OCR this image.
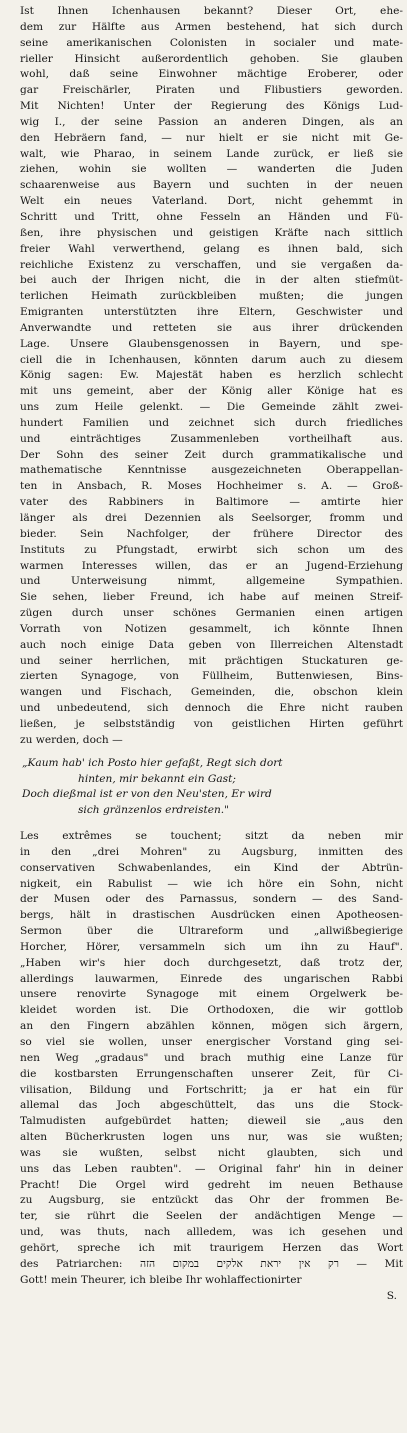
Ist Ihnen Ichenhausen bekannt? Dieser Ort, ehe-
dem zur Hälfte aus Armen bestehend, hat sich durch
seine amerikanischen Colonisten in socialer und mate-
rieller Hinsicht außerordentlich gehoben. Sie glauben
wohl, daß seine Einwohner mächtige Eroberer, oder
gar Freischärler, Piraten und Flibustiers geworden.
Mit Nichten! Unter der Regierung des Königs Lud-
wig I., der seine Passion an anderen Dingen, als an
den Hebräern fand, — nur hielt er sie nicht mit Ge-
walt, wie Pharao, in seinem Lande zurück, er ließ sie
ziehen, wohin sie wollten — wanderten die Juden
schaarenweise aus Bayern und suchten in der neuen
Welt ein neues Vaterland. Dort, nicht gehemmt in
Schritt und Tritt, ohne Fesseln an Händen und Fü-
ßen, ihre physischen und geistigen Kräfte nach sittlich
freier Wahl verwerthend, gelang es ihnen bald, sich
reichliche Existenz zu verschaffen, und sie vergaßen da-
bei auch der Ihrigen nicht, die in der alten stiefmüt-
terlichen Heimath zurückbleiben mußten; die jungen
Emigranten unterstützten ihre Eltern, Geschwister und
Anverwandte und retteten sie aus ihrer drückenden
Lage. Unsere Glaubensgenossen in Bayern, und spe-
ciell die in Ichenhausen, könnten darum auch zu diesem
König sagen: Ew. Majestät haben es herzlich schlecht
mit uns gemeint, aber der König aller Könige hat es
uns zum Heile gelenkt. — Die Gemeinde zählt zwei-
hundert Familien und zeichnet sich durch friedliches
und einträchtiges Zusammenleben vortheilhaft aus.
Der Sohn des seiner Zeit durch grammatikalische und
mathematische Kenntnisse ausgezeichneten Oberappellan-
ten in Ansbach, R. Moses Hochheimer s. A. — Groß-
vater des Rabbiners in Baltimore — amtirte hier
länger als drei Dezennien als Seelsorger, fromm und
bieder. Sein Nachfolger, der frühere Director des
Instituts zu Pfungstadt, erwirbt sich schon um des
warmen Interesses willen, das er an Jugend-Erziehung
und Unterweisung nimmt, allgemeine Sympathien.
Sie sehen, lieber Freund, ich habe auf meinen Streif-
zügen durch unser schönes Germanien einen artigen
Vorrath von Notizen gesammelt, ich könnte Ihnen
auch noch einige Data geben von Illerreichen Altenstadt
und seiner herrlichen, mit prächtigen Stuckaturen ge-
zierten Synagoge, von Füllheim, Buttenwiesen, Bins-
wangen und Fischach, Gemeinden, die, obschon klein
und unbedeutend, sich dennoch die Ehre nicht rauben
ließen, je selbstständig von geistlichen Hirten geführt
zu werden, doch —

„Kaum hab' ich Posto hier gefaßt, Regt sich dort
hinten, mir bekannt ein Gast;
Doch dießmal ist er von den Neu'sten, Er wird
sich gränzenlos erdreisten."

Les extrêmes se touchent; sitzt da neben mir
in den „drei Mohren" zu Augsburg, inmitten des
conservativen Schwabenlandes, ein Kind der Abtrün-
nigkeit, ein Rabulist — wie ich höre ein Sohn, nicht
der Musen oder des Parnassus, sondern — des Sand-
bergs, hält in drastischen Ausdrücken einen Apotheosen-
Sermon über die Ultrareform und „allwißbegierige
Horcher, Hörer, versammeln sich um ihn zu Hauf".
„Haben wir's hier doch durchgesetzt, daß trotz der,
allerdings lauwarmen, Einrede des ungarischen Rabbi
unsere renovirte Synagoge mit einem Orgelwerk be-
kleidet worden ist. Die Orthodoxen, die wir gottlob
an den Fingern abzählen können, mögen sich ärgern,
so viel sie wollen, unser energischer Vorstand ging sei-
nen Weg „gradaus" und brach muthig eine Lanze für
die kostbarsten Errungenschaften unserer Zeit, für Ci-
vilisation, Bildung und Fortschritt; ja er hat ein für
allemal das Joch abgeschüttelt, das uns die Stock-
Talmudisten aufgebürdet hatten; dieweil sie „aus den
alten Bücherkrusten logen uns nur, was sie wußten;
was sie wußten, selbst nicht glaubten, sich und
uns das Leben raubten". — Original fahr' hin in deiner
Pracht! Die Orgel wird gedreht im neuen Bethause
zu Augsburg, sie entzückt das Ohr der frommen Be-
ter, sie rührt die Seelen der andächtigen Menge —
und, was thuts, nach allledem, was ich gesehen und
gehört, spreche ich mit traurigem Herzen das Wort
des Patriarchen: רק אין יראת אלקים במקום הזה — Mit
Gott! mein Theurer, ich bleibe Ihr wohlaffectionirter

S.
